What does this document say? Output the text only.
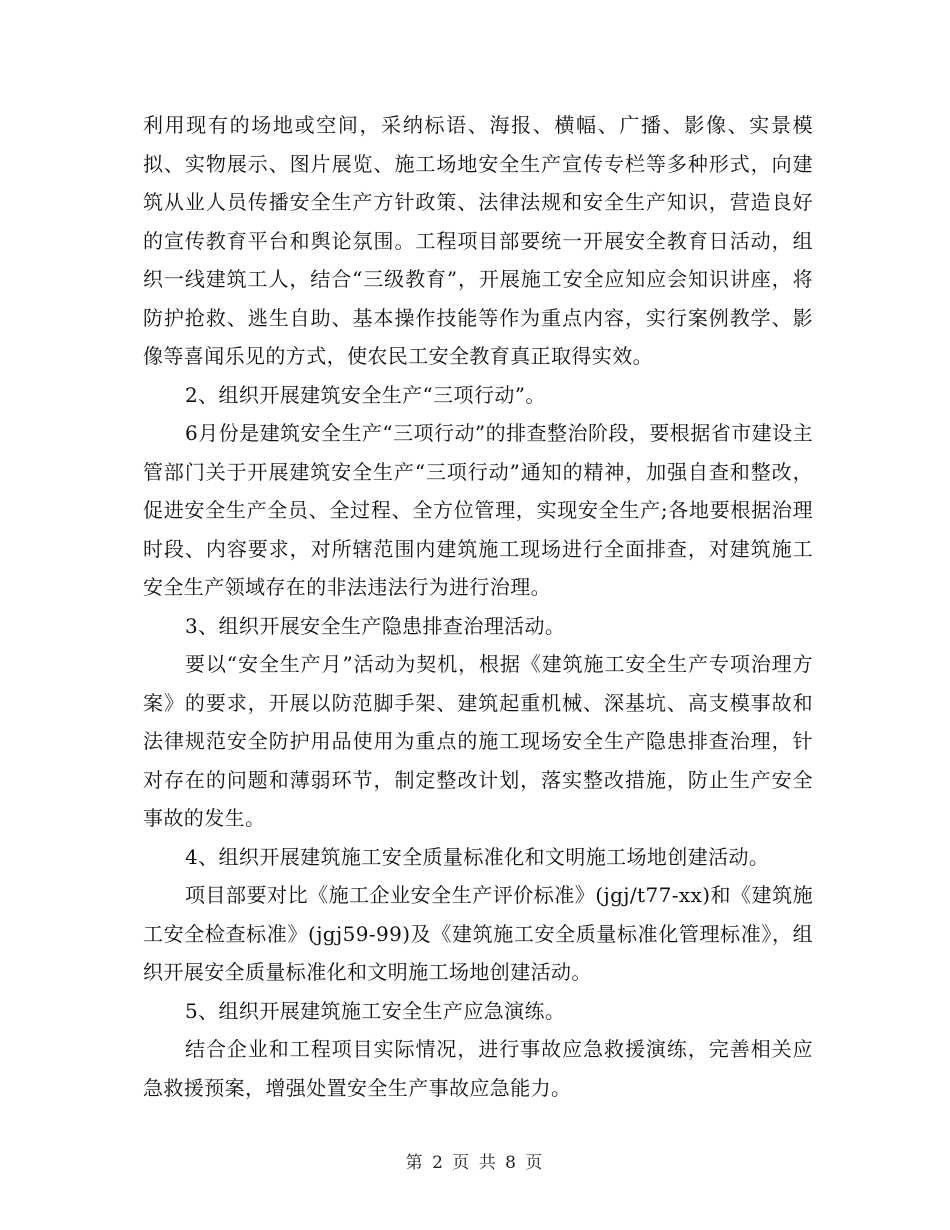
利用现有的场地或空间，采纳标语、海报、横幅、广播、影像、实景模拟、实物展示、图片展览、施工场地安全生产宣传专栏等多种形式，向建筑从业人员传播安全生产方针政策、法律法规和安全生产知识，营造良好的宣传教育平台和舆论氛围。工程项目部要统一开展安全教育日活动，组织一线建筑工人，结合“三级教育”，开展施工安全应知应会知识讲座，将防护抢救、逃生自助、基本操作技能等作为重点内容，实行案例教学、影像等喜闻乐见的方式，使农民工安全教育真正取得实效。

2、组织开展建筑安全生产“三项行动”。

6月份是建筑安全生产“三项行动”的排查整治阶段，要根据省市建设主管部门关于开展建筑安全生产“三项行动”通知的精神，加强自查和整改，促进安全生产全员、全过程、全方位管理，实现安全生产;各地要根据治理时段、内容要求，对所辖范围内建筑施工现场进行全面排查，对建筑施工安全生产领域存在的非法违法行为进行治理。

3、组织开展安全生产隐患排查治理活动。

要以“安全生产月”活动为契机，根据《建筑施工安全生产专项治理方案》的要求，开展以防范脚手架、建筑起重机械、深基坑、高支模事故和法律规范安全防护用品使用为重点的施工现场安全生产隐患排查治理，针对存在的问题和薄弱环节，制定整改计划，落实整改措施，防止生产安全事故的发生。

4、组织开展建筑施工安全质量标准化和文明施工场地创建活动。

项目部要对比《施工企业安全生产评价标准》(jgj/t77-xx)和《建筑施工安全检查标准》(jgj59-99)及《建筑施工安全质量标准化管理标准》，组织开展安全质量标准化和文明施工场地创建活动。

5、组织开展建筑施工安全生产应急演练。

结合企业和工程项目实际情况，进行事故应急救援演练，完善相关应急救援预案，增强处置安全生产事故应急能力。

第 2 页 共 8 页
